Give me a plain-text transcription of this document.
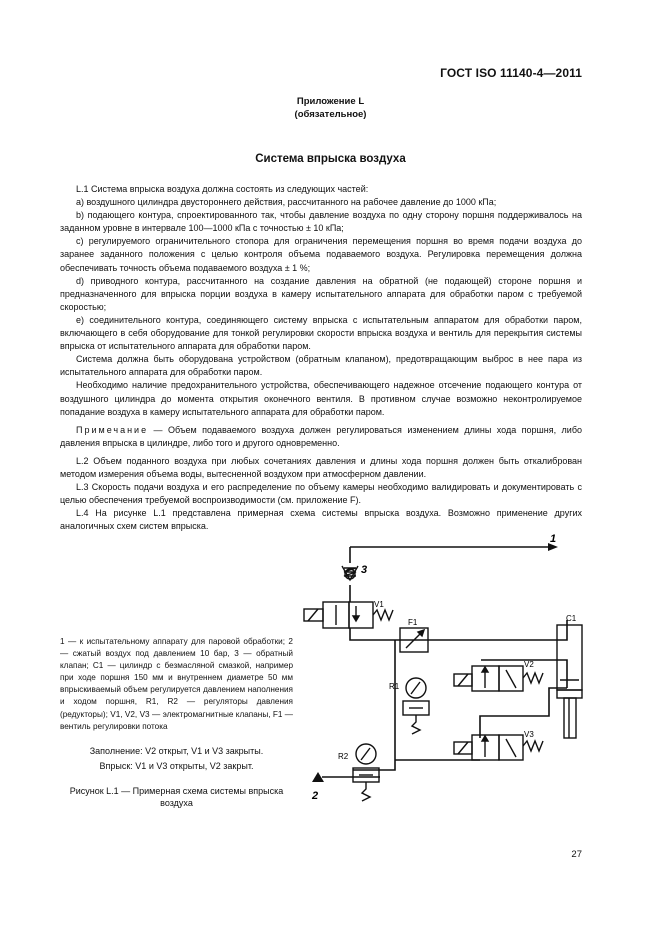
ГОСТ ISO 11140-4—2011
Приложение L
(обязательное)
Система впрыска воздуха

L.1 Система впрыска воздуха должна состоять из следующих частей:

a) воздушного цилиндра двустороннего действия, рассчитанного на рабочее давление до 1000 кПа;

b) подающего контура, спроектированного так, чтобы давление воздуха по одну сторону поршня поддерживалось на заданном уровне в интервале 100—1000 кПа с точностью ± 10 кПа;

c) регулируемого ограничительного стопора для ограничения перемещения поршня во время подачи воздуха до заранее заданного положения с целью контроля объема подаваемого воздуха. Регулировка перемещения должна обеспечивать точность объема подаваемого воздуха ± 1 %;

d) приводного контура, рассчитанного на создание давления на обратной (не подающей) стороне поршня и предназначенного для впрыска порции воздуха в камеру испытательного аппарата для обработки паром с требуемой скоростью;

e) соединительного контура, соединяющего систему впрыска с испытательным аппаратом для обработки паром, включающего в себя оборудование для тонкой регулировки скорости впрыска воздуха и вентиль для перекрытия системы впрыска от испытательного аппарата для обработки паром.

Система должна быть оборудована устройством (обратным клапаном), предотвращающим выброс в нее пара из испытательного аппарата для обработки паром.

Необходимо наличие предохранительного устройства, обеспечивающего надежное отсечение подающего контура от воздушного цилиндра до момента открытия оконечного вентиля. В противном случае возможно неконтролируемое попадание воздуха в камеру испытательного аппарата для обработки паром.

Примечание — Объем подаваемого воздуха должен регулироваться изменением длины хода поршня, либо давления впрыска в цилиндре, либо того и другого одновременно.

L.2 Объем поданного воздуха при любых сочетаниях давления и длины хода поршня должен быть откалиброван методом измерения объема воды, вытесненной воздухом при атмосферном давлении.

L.3 Скорость подачи воздуха и его распределение по объему камеры необходимо валидировать и документировать с целью обеспечения требуемой воспроизводимости (см. приложение F).

L.4 На рисунке L.1 представлена примерная схема системы впрыска воздуха. Возможно применение других аналогичных схем систем впрыска.

1 — к испытательному аппарату для паровой обработки; 2 — сжатый воздух под давлением 10 бар, 3 — обратный клапан; С1 — цилиндр с безмасляной смазкой, например при ходе поршня 150 мм и внутреннем диаметре 50 мм впрыскиваемый объем регулируется давлением наполнения и ходом поршня, R1, R2 — регуляторы давления (редукторы); V1, V2, V3 — электромагнитные клапаны, F1 — вентиль регулировки потока
Заполнение: V2 открыт, V1 и V3 закрыты.
Впрыск: V1 и V3 открыты, V2 закрыт.
Рисунок L.1 — Примерная схема системы впрыска воздуха
1
3
V1
F1	C1
V2
R1
V3
R2
2
27
